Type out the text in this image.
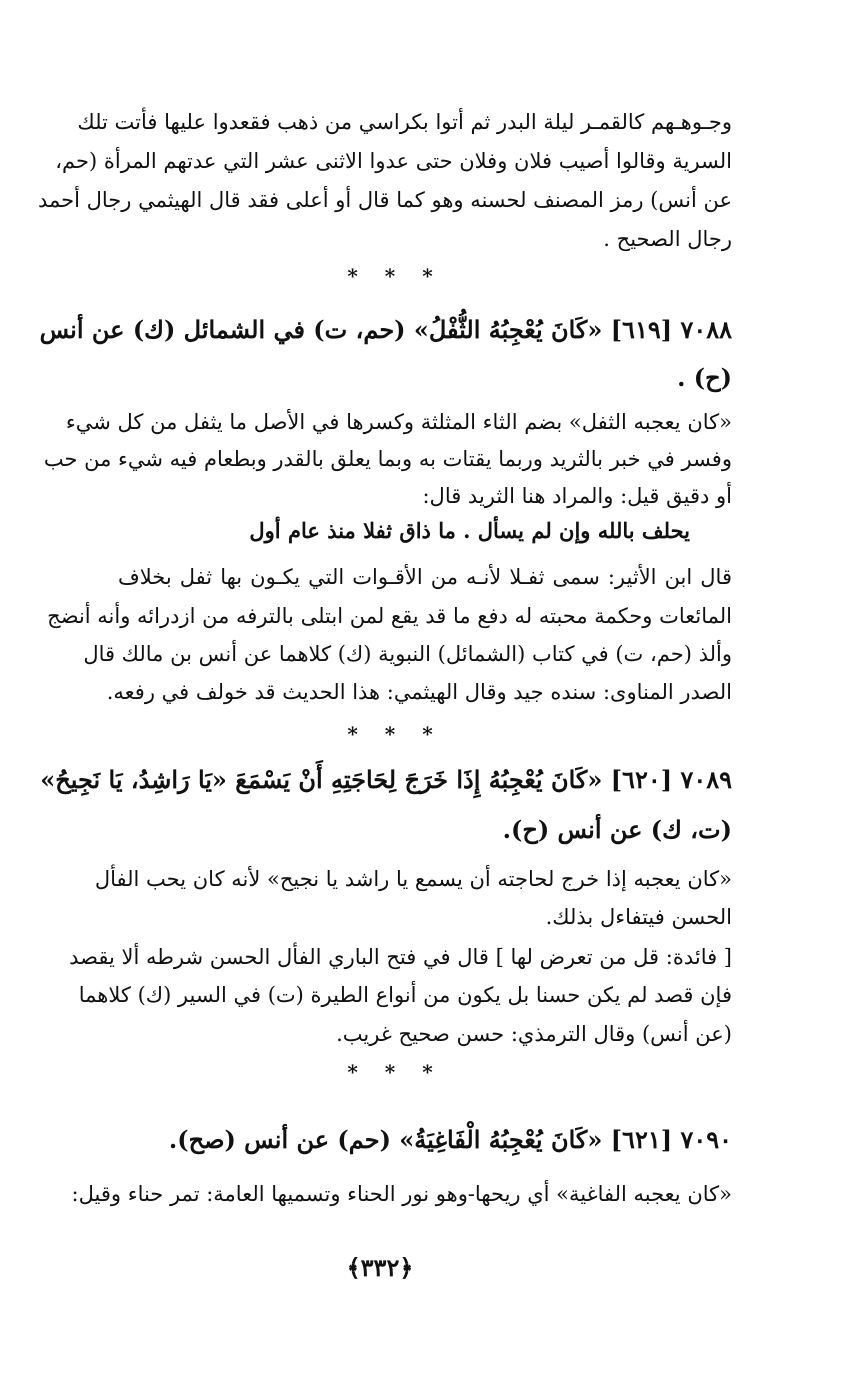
وجـوهـهم كالقمـر ليلة البدر ثم أتوا بكراسي من ذهب فقعدوا عليها فأتت تلك
السرية وقالوا أصيب فلان وفلان حتى عدوا الاثنى عشر التي عدتهم المرأة (حم،
عن أنس) رمز المصنف لحسنه وهو كما قال أو أعلى فقد قال الهيثمي رجال أحمد
رجال الصحيح .
* * *
٧٠٨٨ [٦١٩] «كَانَ يُعْجِبُهُ الثُّفْلُ» (حم، ت) في الشمائل (ك) عن أنس
(ح) .
«كان يعجبه الثفل» بضم الثاء المثلثة وكسرها في الأصل ما يثفل من كل شيء
وفسر في خبر بالثريد وربما يقتات به وبما يعلق بالقدر وبطعام فيه شيء من حب
أو دقيق قيل: والمراد هنا الثريد قال:
يحلف بالله وإن لم يسأل . ما ذاق ثفلا منذ عام أول
قال ابن الأثير: سمى ثفـلا لأنـه من الأقـوات التي يكـون بها ثفل بخلاف
المائعات وحكمة محبته له دفع ما قد يقع لمن ابتلى بالترفه من ازدرائه وأنه أنضج
وألذ (حم، ت) في كتاب (الشمائل) النبوية (ك) كلاهما عن أنس بن مالك قال
الصدر المناوى: سنده جيد وقال الهيثمي: هذا الحديث قد خولف في رفعه.
* * *
٧٠٨٩ [٦٢٠] «كَانَ يُعْجِبُهُ إِذَا خَرَجَ لِحَاجَتِهِ أَنْ يَسْمَعَ «يَا رَاشِدُ، يَا نَجِيحُ»
(ت، ك) عن أنس (ح).
«كان يعجبه إذا خرج لحاجته أن يسمع يا راشد يا نجيح» لأنه كان يحب الفأل
الحسن فيتفاءل بذلك.
[ فائدة: قل من تعرض لها ] قال في فتح الباري الفأل الحسن شرطه ألا يقصد
فإن قصد لم يكن حسنا بل يكون من أنواع الطيرة (ت) في السير (ك) كلاهما
(عن أنس) وقال الترمذي: حسن صحيح غريب.
* * *
٧٠٩٠ [٦٢١] «كَانَ يُعْجِبُهُ الْفَاغِيَةُ» (حم) عن أنس (صح).
«كان يعجبه الفاغية» أي ريحها-وهو نور الحناء وتسميها العامة: تمر حناء وقيل:
﴿٣٣٢﴾
